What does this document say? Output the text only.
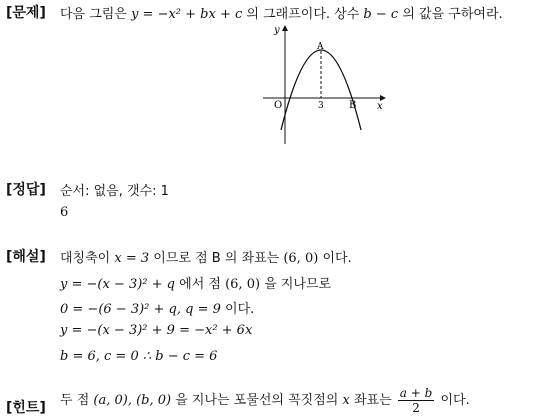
[문제] 다음 그림은 y = −x² + bx + c 의 그래프이다. 상수 b − c 의 값을 구하여라.
y
x
O
A
B
3
[정답] 순서: 없음, 갯수: 1
6
[해설] 대칭축이 x = 3 이므로 점 B 의 좌표는 (6, 0) 이다.
y = −(x − 3)² + q 에서 점 (6, 0) 을 지나므로
0 = −(6 − 3)² + q, q = 9 이다.
y = −(x − 3)² + 9 = −x² + 6x
b = 6, c = 0 ∴ b − c = 6
[힌트] 두 점 (a, 0), (b, 0) 을 지나는 포물선의 꼭짓점의 x 좌표는 $\frac{a + b}{2}$ 이다.
